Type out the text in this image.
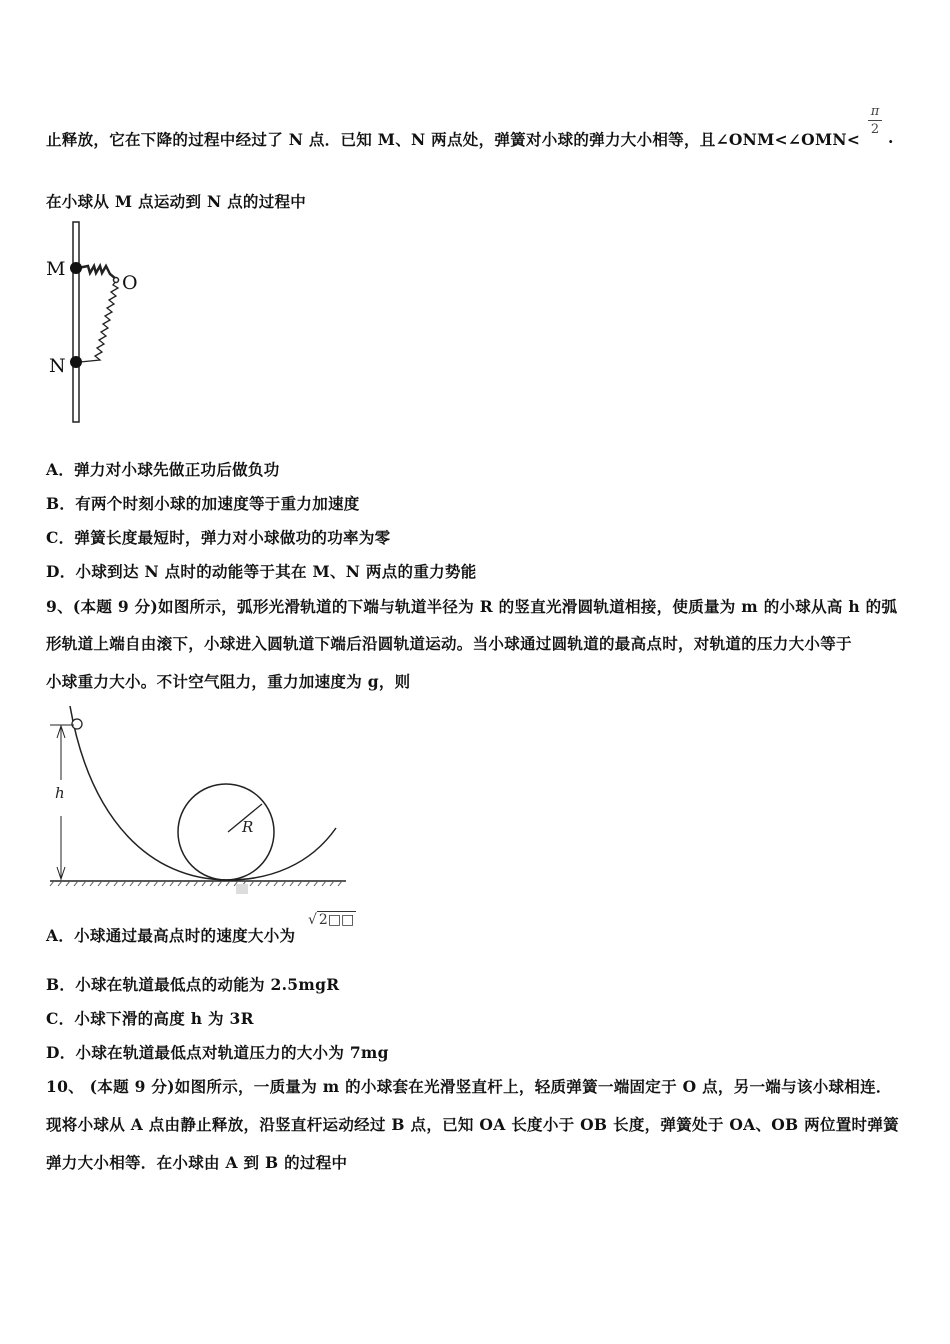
止释放，它在下降的过程中经过了 N 点．已知 M、N 两点处，弹簧对小球的弹力大小相等，且∠ONM<∠OMN<
π
2 .
在小球从 M 点运动到 N 点的过程中
M
O
N
A．弹力对小球先做正功后做负功
B．有两个时刻小球的加速度等于重力加速度
C．弹簧长度最短时，弹力对小球做功的功率为零
D．小球到达 N 点时的动能等于其在 M、N 两点的重力势能
9、(本题 9 分)如图所示，弧形光滑轨道的下端与轨道半径为 R 的竖直光滑圆轨道相接，使质量为 m 的小球从高 h 的弧
形轨道上端自由滚下，小球进入圆轨道下端后沿圆轨道运动。当小球通过圆轨道的最高点时，对轨道的压力大小等于
小球重力大小。不计空气阻力，重力加速度为 g，则
R
h
A．小球通过最高点时的速度大小为
√ 2□□
B．小球在轨道最低点的动能为 2.5mgR
C．小球下滑的高度 h 为 3R
D．小球在轨道最低点对轨道压力的大小为 7mg
10、 (本题 9 分)如图所示，一质量为 m 的小球套在光滑竖直杆上，轻质弹簧一端固定于 O 点，另一端与该小球相连．
现将小球从 A 点由静止释放，沿竖直杆运动经过 B 点，已知 OA 长度小于 OB 长度，弹簧处于 OA、OB 两位置时弹簧
弹力大小相等．在小球由 A 到 B 的过程中
